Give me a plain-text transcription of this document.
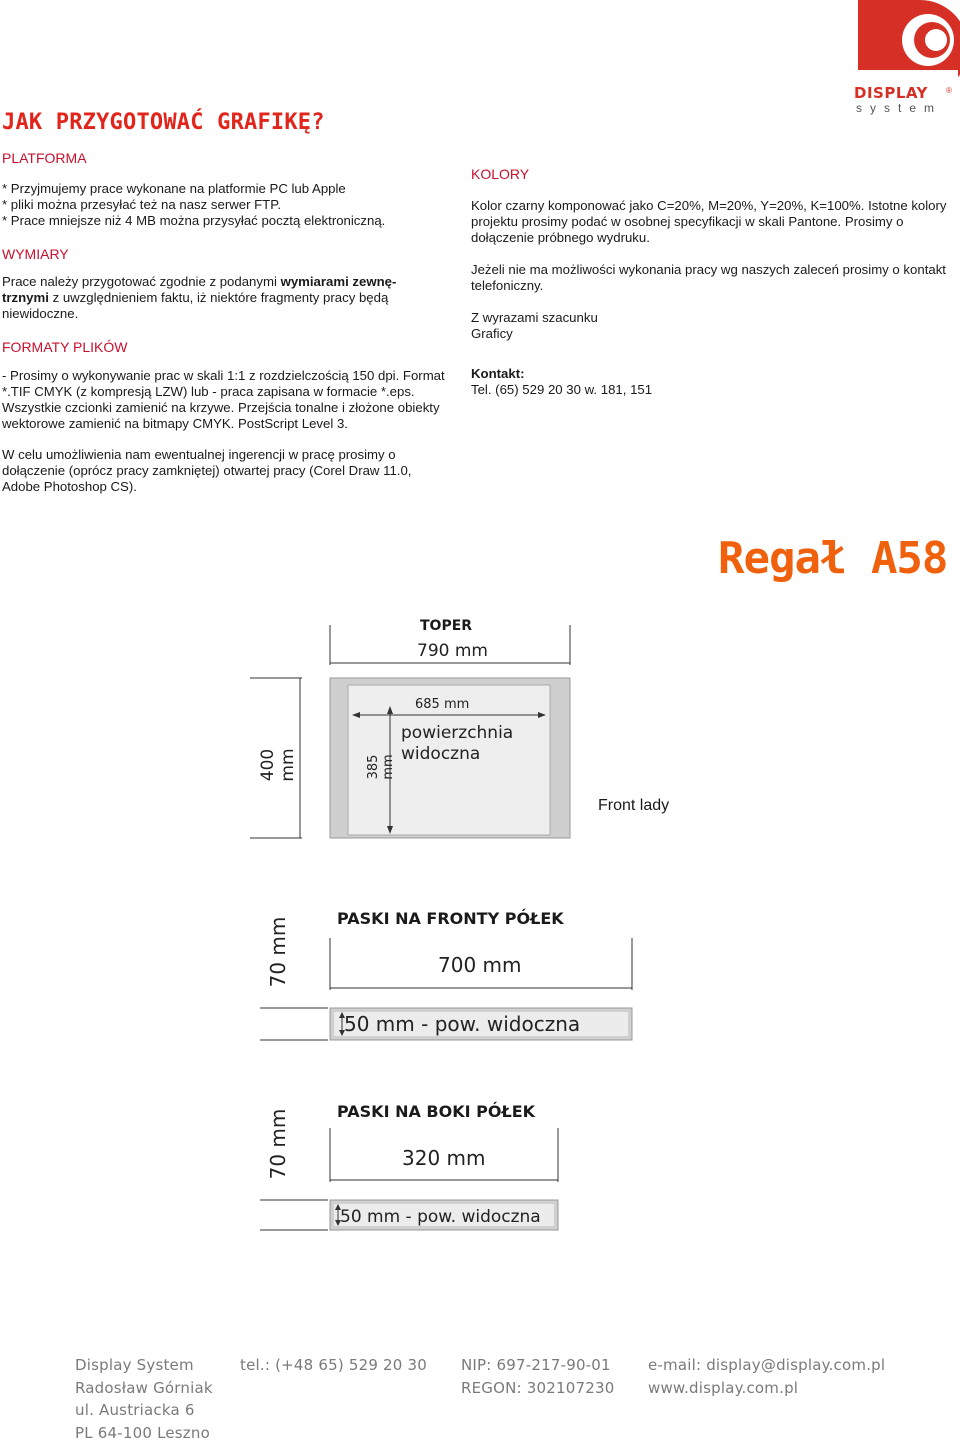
DISPLAY	®
system
JAK PRZYGOTOWAĆ GRAFIKĘ?
PLATFORMA
* Przyjmujemy prace wykonane na platformie PC lub Apple
* pliki można przesyłać też na nasz serwer FTP.
* Prace mniejsze niż 4 MB można przysyłać pocztą elektroniczną.
WYMIARY
Prace należy przygotować zgodnie z podanymi wymiarami zewnę-trznymi z uwzględnieniem faktu, iż niektóre fragmenty pracy będą niewidoczne.
FORMATY PLIKÓW
- Prosimy o wykonywanie prac w skali 1:1 z rozdzielczością 150 dpi. Format *.TIF CMYK (z kompresją LZW) lub - praca zapisana w formacie *.eps. Wszystkie czcionki zamienić na krzywe. Przejścia tonalne i złożone obiekty wektorowe zamienić na bitmapy CMYK. PostScript Level 3.
W celu umożliwienia nam ewentualnej ingerencji w pracę prosimy o dołączenie (oprócz pracy zamkniętej) otwartej pracy (Corel Draw 11.0, Adobe Photoshop CS).
KOLORY
Kolor czarny komponować jako C=20%, M=20%, Y=20%, K=100%. Istotne kolory projektu prosimy podać w osobnej specyfikacji w skali Pantone. Prosimy o dołączenie próbnego wydruku.
Jeżeli nie ma możliwości wykonania pracy wg naszych zaleceń prosimy o kontakt telefoniczny.
Z wyrazami szacunku
Graficy
Kontakt:
Tel. (65) 529 20 30 w. 181, 151
Regał A58
TOPER
790 mm
400 mm
685 mm
385 mm
powierzchnia
widoczna
Front lady
PASKI NA FRONTY PÓŁEK
70 mm	700 mm
50 mm - pow. widoczna
PASKI NA BOKI PÓŁEK
70 mm	320 mm
50 mm - pow. widoczna
Display System
Radosław Górniak
ul. Austriacka 6
PL 64-100 Leszno
tel.: (+48 65) 529 20 30 NIP: 697-217-90-01
REGON: 302107230
e-mail: display@display.com.pl
www.display.com.pl
